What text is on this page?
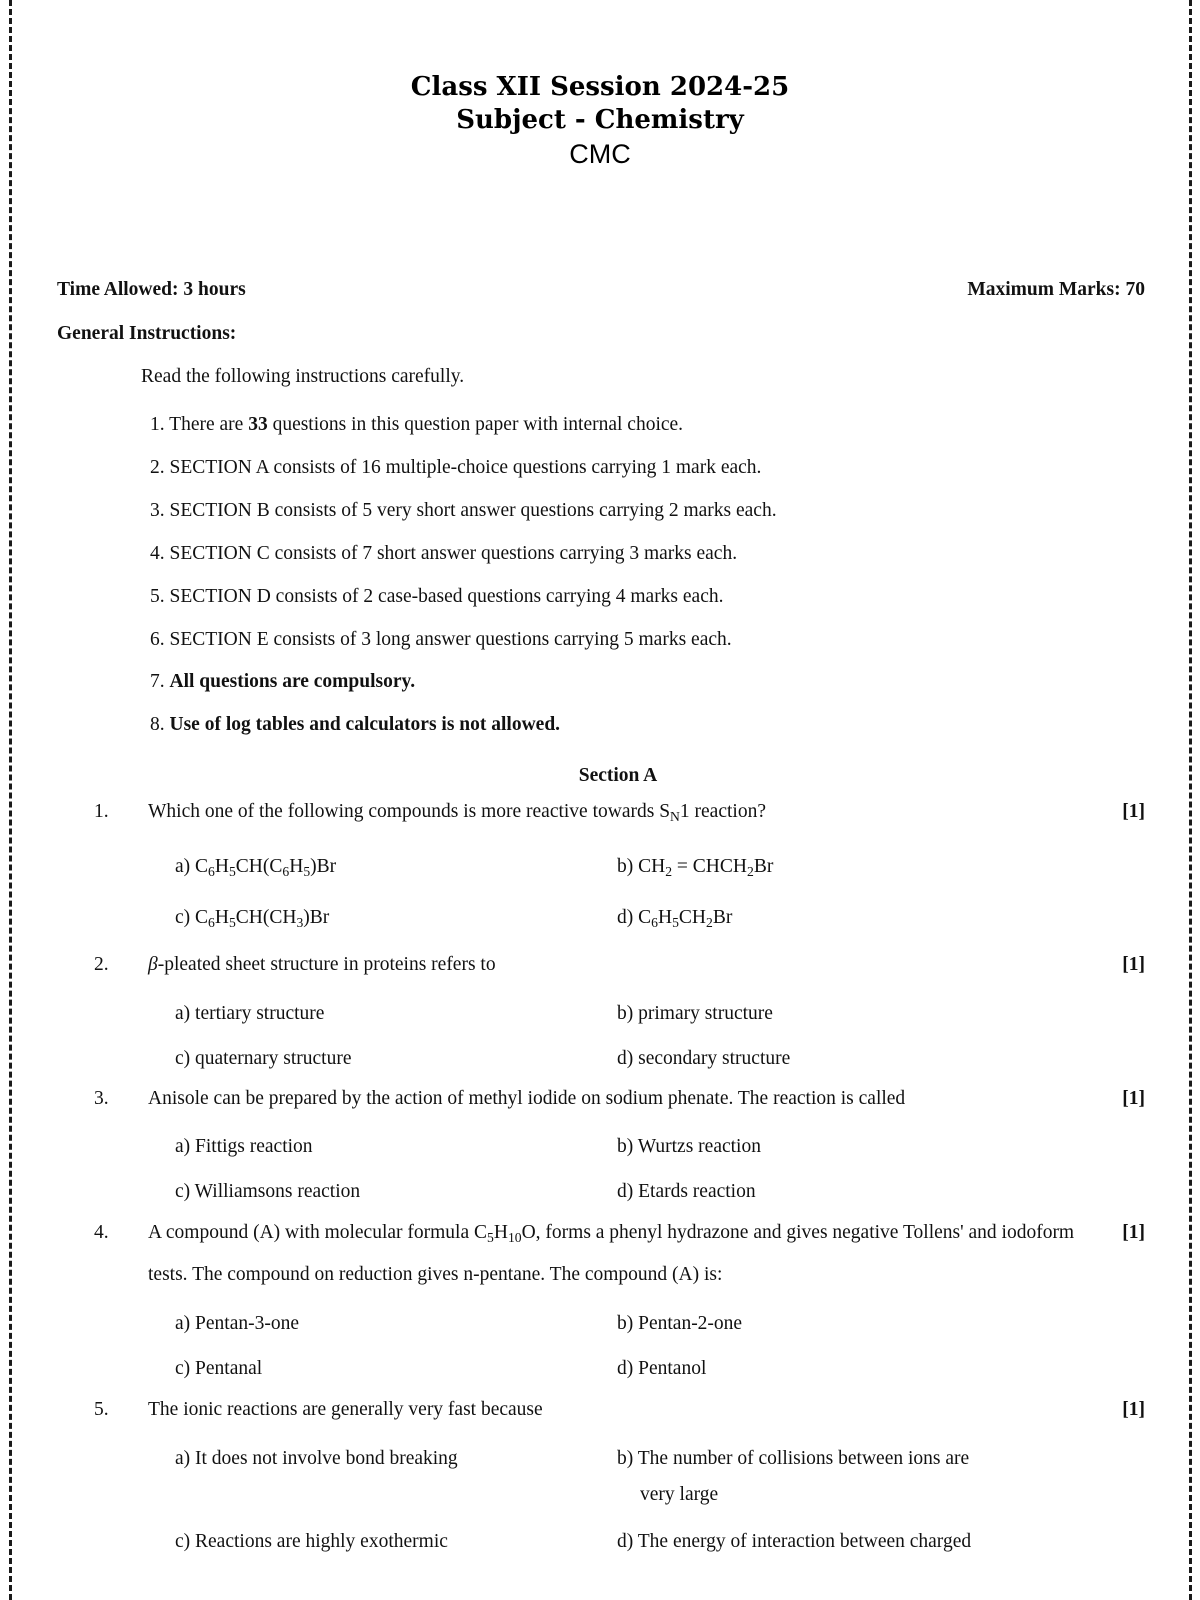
Class XII Session 2024-25
Subject - Chemistry
CMC
Time Allowed: 3 hours	Maximum Marks: 70
General Instructions:
Read the following instructions carefully.
1. There are 33 questions in this question paper with internal choice.
2. SECTION A consists of 16 multiple-choice questions carrying 1 mark each.
3. SECTION B consists of 5 very short answer questions carrying 2 marks each.
4. SECTION C consists of 7 short answer questions carrying 3 marks each.
5. SECTION D consists of 2 case-based questions carrying 4 marks each.
6. SECTION E consists of 3 long answer questions carrying 5 marks each.
7. All questions are compulsory.
8. Use of log tables and calculators is not allowed.
Section A
1. Which one of the following compounds is more reactive towards $S_N1$ reaction?	[1]
a) $C_6H_5CH(C_6H_5)Br$	b) $CH_2$ = $CHCH_2Br$
c) $C_6H_5CH(CH_3)Br$	d) $C_6H_5CH_2Br$
2. β-pleated sheet structure in proteins refers to	[1]
a) tertiary structure	b) primary structure
c) quaternary structure	d) secondary structure
3. Anisole can be prepared by the action of methyl iodide on sodium phenate. The reaction is called	[1]
a) Fittigs reaction	b) Wurtzs reaction
c) Williamsons reaction	d) Etards reaction
4. A compound (A) with molecular formula $C_5H_{10}O$, forms a phenyl hydrazone and gives negative Tollens' and iodoform tests. The compound on reduction gives n-pentane. The compound (A) is:
[1]
a) Pentan-3-one	b) Pentan-2-one
c) Pentanal	d) Pentanol
5. The ionic reactions are generally very fast because	[1]
a) It does not involve bond breaking	b) The number of collisions between ions are
very large
c) Reactions are highly exothermic	d) The energy of interaction between charged
